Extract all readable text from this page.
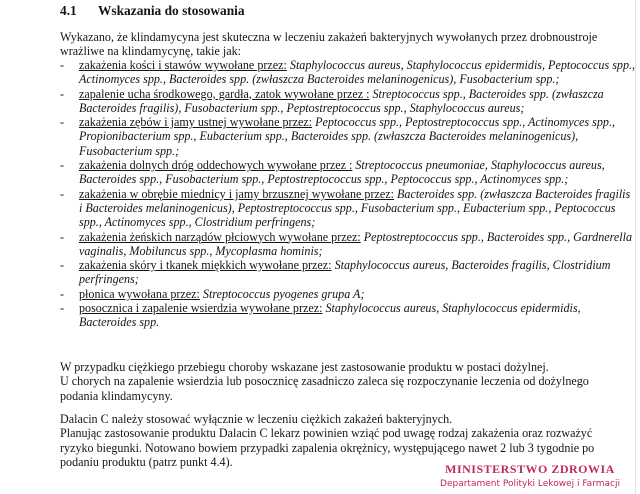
4.1 Wskazania do stosowania
Wykazano, że klindamycyna jest skuteczna w leczeniu zakażeń bakteryjnych wywołanych przez drobnoustroje wrażliwe na klindamycynę, takie jak:
- zakażenia kości i stawów wywołane przez: Staphylococcus aureus, Staphylococcus epidermidis, Peptococcus spp., Actinomyces spp., Bacteroides spp. (zwłaszcza Bacteroides melaninogenicus), Fusobacterium spp.;
- zapalenie ucha środkowego, gardła, zatok wywołane przez : Streptococcus spp., Bacteroides spp. (zwłaszcza Bacteroides fragilis), Fusobacterium spp., Peptostreptococcus spp., Staphylococcus aureus;
- zakażenia zębów i jamy ustnej wywołane przez: Peptococcus spp., Peptostreptococcus spp., Actinomyces spp., Propionibacterium spp., Eubacterium spp., Bacteroides spp. (zwłaszcza Bacteroides melaninogenicus), Fusobacterium spp.;
- zakażenia dolnych dróg oddechowych wywołane przez : Streptococcus pneumoniae, Staphylococcus aureus, Bacteroides spp., Fusobacterium spp., Peptostreptococcus spp., Peptococcus spp., Actinomyces spp.;
- zakażenia w obrębie miednicy i jamy brzusznej wywołane przez: Bacteroides spp. (zwłaszcza Bacteroides fragilis i Bacteroides melaninogenicus), Peptostreptococcus spp., Fusobacterium spp., Eubacterium spp., Peptococcus spp., Actinomyces spp., Clostridium perfringens;
- zakażenia żeńskich narządów płciowych wywołane przez: Peptostreptococcus spp., Bacteroides spp., Gardnerella vaginalis, Mobiluncus spp., Mycoplasma hominis;
- zakażenia skóry i tkanek miękkich wywołane przez: Staphylococcus aureus, Bacteroides fragilis, Clostridium perfringens;
- płonica wywołana przez: Streptococcus pyogenes grupa A;
- posocznica i zapalenie wsierdzia wywołane przez: Staphylococcus aureus, Staphylococcus epidermidis, Bacteroides spp.
W przypadku ciężkiego przebiegu choroby wskazane jest zastosowanie produktu w postaci dożylnej.
U chorych na zapalenie wsierdzia lub posocznicę zasadniczo zaleca się rozpoczynanie leczenia od dożylnego podania klindamycyny.
Dalacin C należy stosować wyłącznie w leczeniu ciężkich zakażeń bakteryjnych.
Planując zastosowanie produktu Dalacin C lekarz powinien wziąć pod uwagę rodzaj zakażenia oraz rozważyć ryzyko biegunki. Notowano bowiem przypadki zapalenia okrężnicy, występującego nawet 2 lub 3 tygodnie po podaniu produktu (patrz punkt 4.4).	MINISTERSTWO ZDROWIA
Departament Polityki Lekowej i Farmacji
